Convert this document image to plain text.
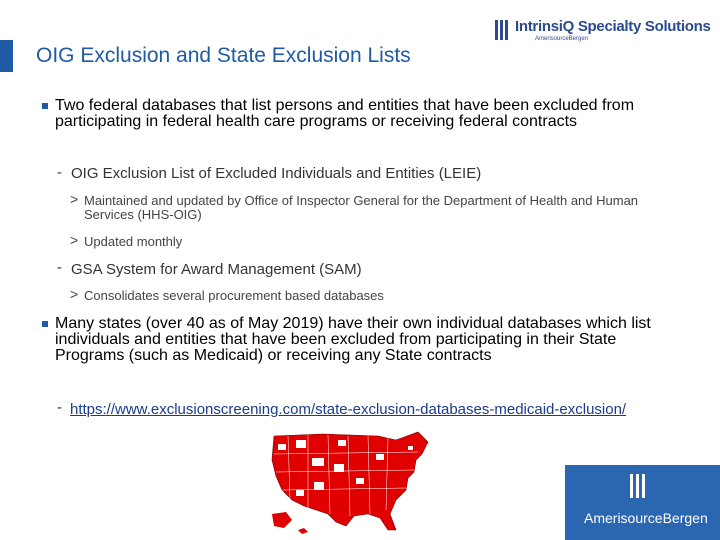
OIG Exclusion and State Exclusion Lists
IntrinsiQ Specialty Solutions
AmerisourceBergen
Two federal databases that list persons and entities that have been excluded from participating in federal health care programs or receiving federal contracts
- OIG Exclusion List of Excluded Individuals and Entities (LEIE)
> Maintained and updated by Office of Inspector General for the Department of Health and Human Services (HHS-OIG)
> Updated monthly
- GSA System for Award Management (SAM)
> Consolidates several procurement based databases
Many states (over 40 as of May 2019) have their own individual databases which list individuals and entities that have been excluded from participating in their State Programs (such as Medicaid) or receiving any State contracts
- https://www.exclusionscreening.com/state-exclusion-databases-medicaid-exclusion/
AmerisourceBergen
